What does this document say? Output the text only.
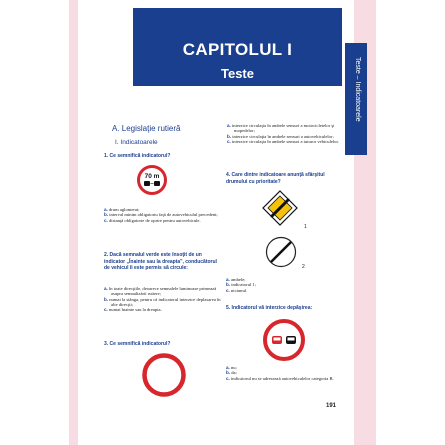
CAPITOLUL I
Teste	Teste – Indicatoarele
A. Legislaţie rutieră
I. Indicatoarele
1. Ce semnifică indicatorul?
70 m
a. drum aglomerat;
b. interval minim obligatoriu faţă de autovehiculul precedent;
c. distanţă obligatorie de oprire pentru autovehicule.
2. Dacă semnalul verde este însoţit de un indicator „Înainte sau la dreapta", conducătorul de vehicul îi este permis să circule:
a. în toate direcţiile, deoarece semnalele luminoase primează asupra semnalizării rutiere;
b. numai la stânga, pentru că indicatorul interzice deplasarea în alte direcţii;
c. numai înainte sau la dreapta.
3. Ce semnifică indicatorul?
a. interzice circulaţia în ambele sensuri a motocicletelor şi mopedelor;
b. interzice circulaţia în ambele sensuri a autovehiculelor;
c. interzice circulaţia în ambele sensuri a tuturor vehiculelor.
4. Care dintre indicatoare anunţă sfârşitul drumului cu prioritate?
1
2
a. ambele;
b. indicatorul 1;
c. niciunul.
5. Indicatorul vă interzice depăşirea:
a. nu;
b. da;
c. indicatorul nu se adresează autovehiculelor categoria B.
191
